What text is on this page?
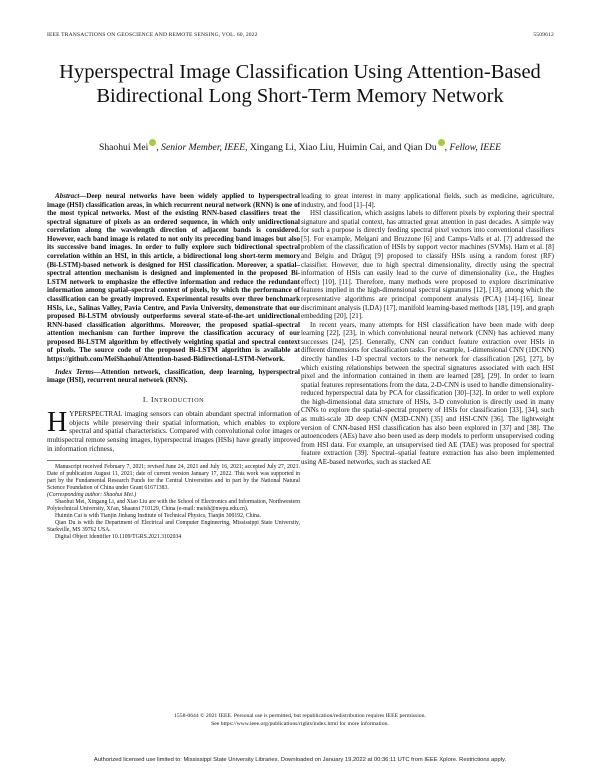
IEEE TRANSACTIONS ON GEOSCIENCE AND REMOTE SENSING, VOL. 60, 2022	5509612
Hyperspectral Image Classification Using Attention-Based Bidirectional Long Short-Term Memory Network
Shaohui Mei , Senior Member, IEEE, Xingang Li, Xiao Liu, Huimin Cai, and Qian Du , Fellow, IEEE

Abstract—Deep neural networks have been widely applied to hyperspectral image (HSI) classification areas, in which recurrent neural network (RNN) is one of the most typical networks. Most of the existing RNN-based classifiers treat the spectral signature of pixels as an ordered sequence, in which only unidirectional correlation along the wavelength direction of adjacent bands is considered. However, each band image is related to not only its preceding band images but also its successive band images. In order to fully explore such bidirectional spectral correlation within an HSI, in this article, a bidirectional long short-term memory (Bi-LSTM)-based network is designed for HSI classification. Moreover, a spatial–spectral attention mechanism is designed and implemented in the proposed Bi-LSTM network to emphasize the effective information and reduce the redundant information among spatial–spectral context of pixels, by which the performance of classification can be greatly improved. Experimental results over three benchmark HSIs, i.e., Salinas Valley, Pavia Centre, and Pavia University, demonstrate that our proposed Bi-LSTM obviously outperforms several state-of-the-art unidirectional RNN-based classification algorithms. Moreover, the proposed spatial–spectral attention mechanism can further improve the classification accuracy of our proposed Bi-LSTM algorithm by effectively weighting spatial and spectral context of pixels. The source code of the proposed Bi-LSTM algorithm is available at https://github.com/MeiShaohui/Attention-based-Bidirectional-LSTM-Network.

Index Terms—Attention network, classification, deep learning, hyperspectral image (HSI), recurrent neural network (RNN).

I. INTRODUCTION

HYPERSPECTRAL imaging sensors can obtain abundant spectral information of objects while preserving their spatial information, which enables to explore spectral and spatial characteristics. Compared with convolutional color images or multispectral remote sensing images, hyperspectral images (HSIs) have greatly improved in information richness,

Manuscript received February 7, 2021; revised June 24, 2021 and July 16, 2021; accepted July 27, 2021. Date of publication August 11, 2021; date of current version January 17, 2022. This work was supported in part by the Fundamental Research Funds for the Central Universities and in part by the National Natural Science Foundation of China under Grant 61671383.

(Corresponding author: Shaohui Mei.)

Shaohui Mei, Xingang Li, and Xiao Liu are with the School of Electronics and Information, Northwestern Polytechnical University, Xi'an, Shaanxi 710129, China (e-mail: meish@nwpu.edu.cn).

Huimin Cai is with Tianjin Jinhang Institute of Technical Physics, Tianjin 300192, China.

Qian Du is with the Department of Electrical and Computer Engineering, Mississippi State University, Starkville, MS 39762 USA.

Digital Object Identifier 10.1109/TGRS.2021.3102034

leading to great interest in many applicational fields, such as medicine, agriculture, industry, and food [1]–[4].

HSI classification, which assigns labels to different pixels by exploring their spectral signature and spatial context, has attracted great attention in past decades. A simple way for such a purpose is directly feeding spectral pixel vectors into conventional classifiers [5]. For example, Melgani and Bruzzone [6] and Camps-Valls et al. [7] addressed the problem of the classification of HSIs by support vector machines (SVMs). Ham et al. [8] and Belgiu and Drăguţ [9] proposed to classify HSIs using a random forest (RF) classifier. However, due to high spectral dimensionality, directly using the spectral information of HSIs can easily lead to the curve of dimensionality (i.e., the Hughes effect) [10], [11]. Therefore, many methods were proposed to explore discriminative features implied in the high-dimensional spectral signatures [12], [13], among which the representative algorithms are principal component analysis (PCA) [14]–[16], linear discriminant analysis (LDA) [17], manifold learning-based methods [18], [19], and graph embedding [20], [21].

In recent years, many attempts for HSI classification have been made with deep learning [22], [23], in which convolutional neural network (CNN) has achieved many successes [24], [25]. Generally, CNN can conduct feature extraction over HSIs in different dimensions for classification tasks. For example, 1-dimensional CNN (1DCNN) directly handles 1-D spectral vectors to the network for classification [26], [27], by which existing relationships between the spectral signatures associated with each HSI pixel and the information contained in them are learned [28], [29]. In order to learn spatial features representations from the data, 2-D-CNN is used to handle dimensionality-reduced hyperspectral data by PCA for classification [30]–[32]. In order to well explore the high-dimensional data structure of HSIs, 3-D convolution is directly used in many CNNs to explore the spatial–spectral property of HSIs for classification [33], [34], such as multi-scale 3D deep CNN (M3D-CNN) [35] and HSI-CNN [36]. The lightweight version of CNN-based HSI classification has also been explored in [37] and [38]. The autoencoders (AEs) have also been used as deep models to perform unsupervised coding from HSI data. For example, an unsupervised tied AE (TAE) was proposed for spectral feature extraction [39]. Spectral–spatial feature extraction has also been implemented using AE-based networks, such as stacked AE

1558-0644 © 2021 IEEE. Personal use is permitted, but republication/redistribution requires IEEE permission.
See https://www.ieee.org/publications/rights/index.html for more information.
Authorized licensed use limited to: Mississippi State University Libraries. Downloaded on January 19,2022 at 00:36:11 UTC from IEEE Xplore. Restrictions apply.
